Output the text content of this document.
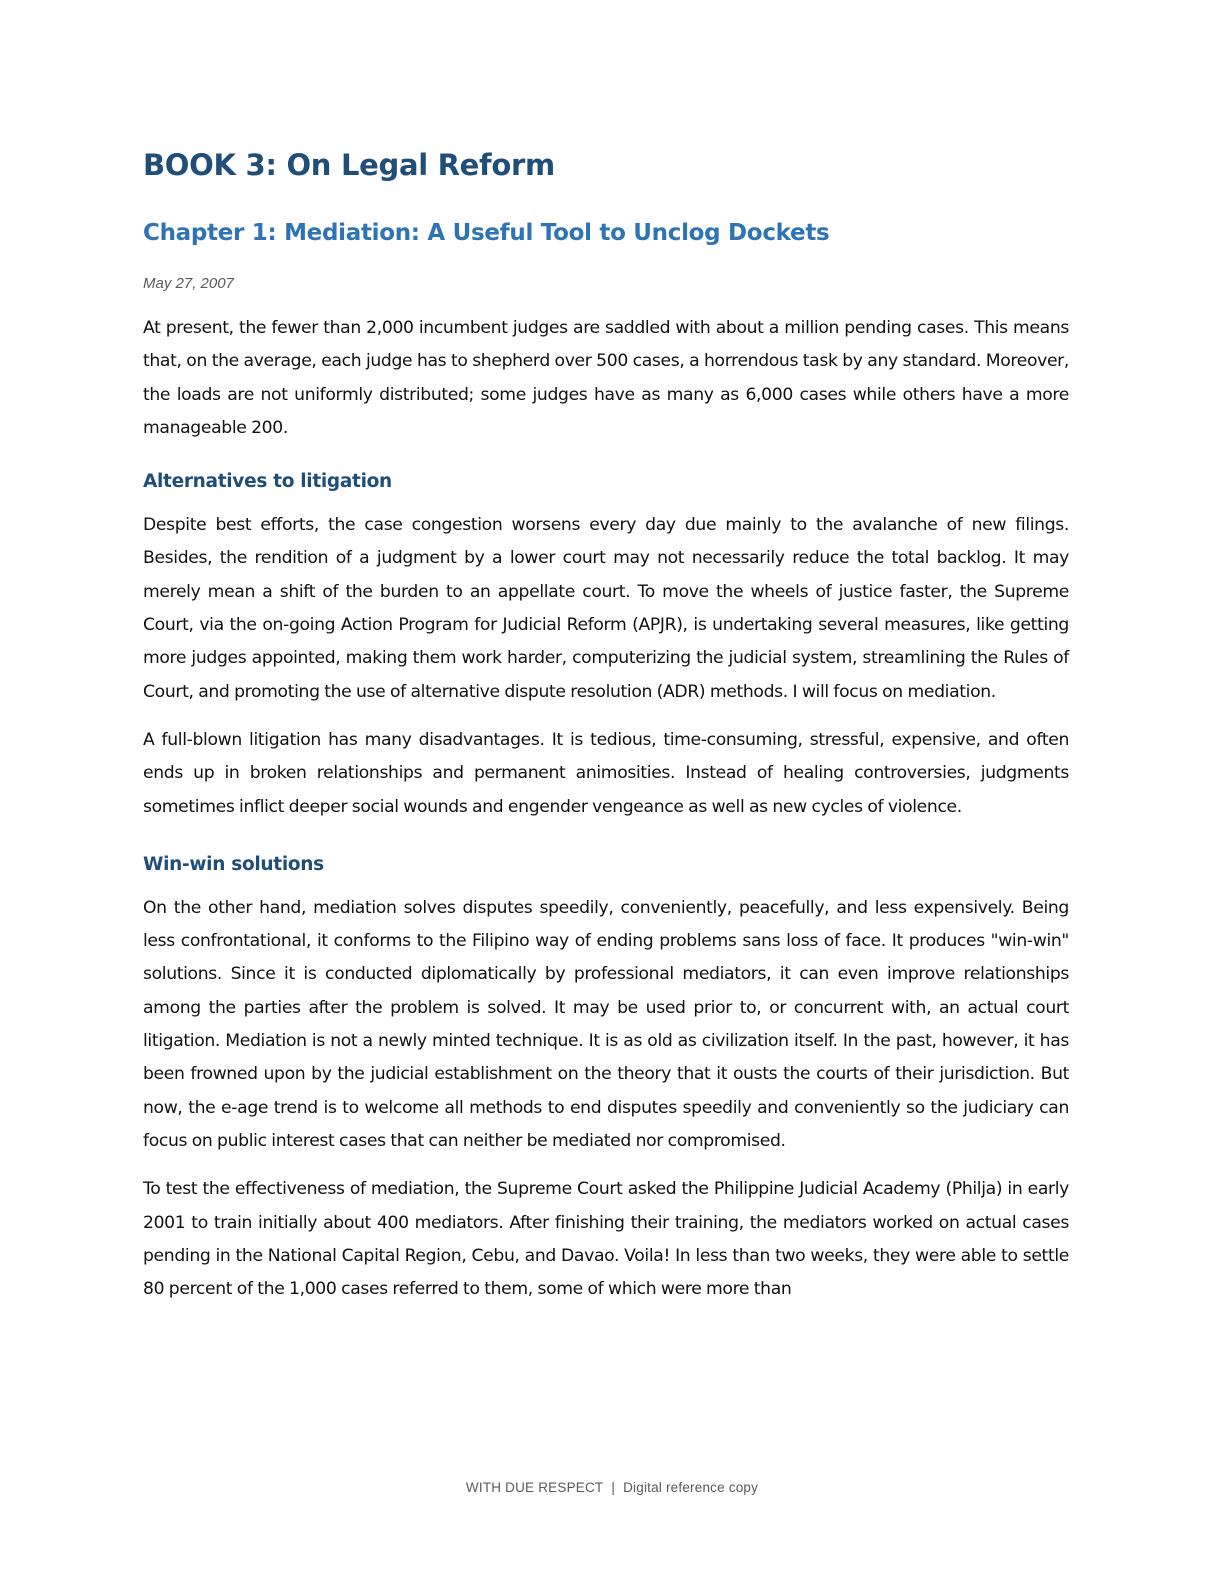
BOOK 3: On Legal Reform
Chapter 1: Mediation: A Useful Tool to Unclog Dockets

May 27, 2007

At present, the fewer than 2,000 incumbent judges are saddled with about a million pending cases. This means that, on the average, each judge has to shepherd over 500 cases, a horrendous task by any standard. Moreover, the loads are not uniformly distributed; some judges have as many as 6,000 cases while others have a more manageable 200.

Alternatives to litigation

Despite best efforts, the case congestion worsens every day due mainly to the avalanche of new filings. Besides, the rendition of a judgment by a lower court may not necessarily reduce the total backlog. It may merely mean a shift of the burden to an appellate court. To move the wheels of justice faster, the Supreme Court, via the on-going Action Program for Judicial Reform (APJR), is undertaking several measures, like getting more judges appointed, making them work harder, computerizing the judicial system, streamlining the Rules of Court, and promoting the use of alternative dispute resolution (ADR) methods. I will focus on mediation.

A full-blown litigation has many disadvantages. It is tedious, time-consuming, stressful, expensive, and often ends up in broken relationships and permanent animosities. Instead of healing controversies, judgments sometimes inflict deeper social wounds and engender vengeance as well as new cycles of violence.

Win-win solutions

On the other hand, mediation solves disputes speedily, conveniently, peacefully, and less expensively. Being less confrontational, it conforms to the Filipino way of ending problems sans loss of face. It produces "win-win" solutions. Since it is conducted diplomatically by professional mediators, it can even improve relationships among the parties after the problem is solved. It may be used prior to, or concurrent with, an actual court litigation. Mediation is not a newly minted technique. It is as old as civilization itself. In the past, however, it has been frowned upon by the judicial establishment on the theory that it ousts the courts of their jurisdiction. But now, the e-age trend is to welcome all methods to end disputes speedily and conveniently so the judiciary can focus on public interest cases that can neither be mediated nor compromised.

To test the effectiveness of mediation, the Supreme Court asked the Philippine Judicial Academy (Philja) in early 2001 to train initially about 400 mediators. After finishing their training, the mediators worked on actual cases pending in the National Capital Region, Cebu, and Davao. Voila! In less than two weeks, they were able to settle 80 percent of the 1,000 cases referred to them, some of which were more than

WITH DUE RESPECT | Digital reference copy
